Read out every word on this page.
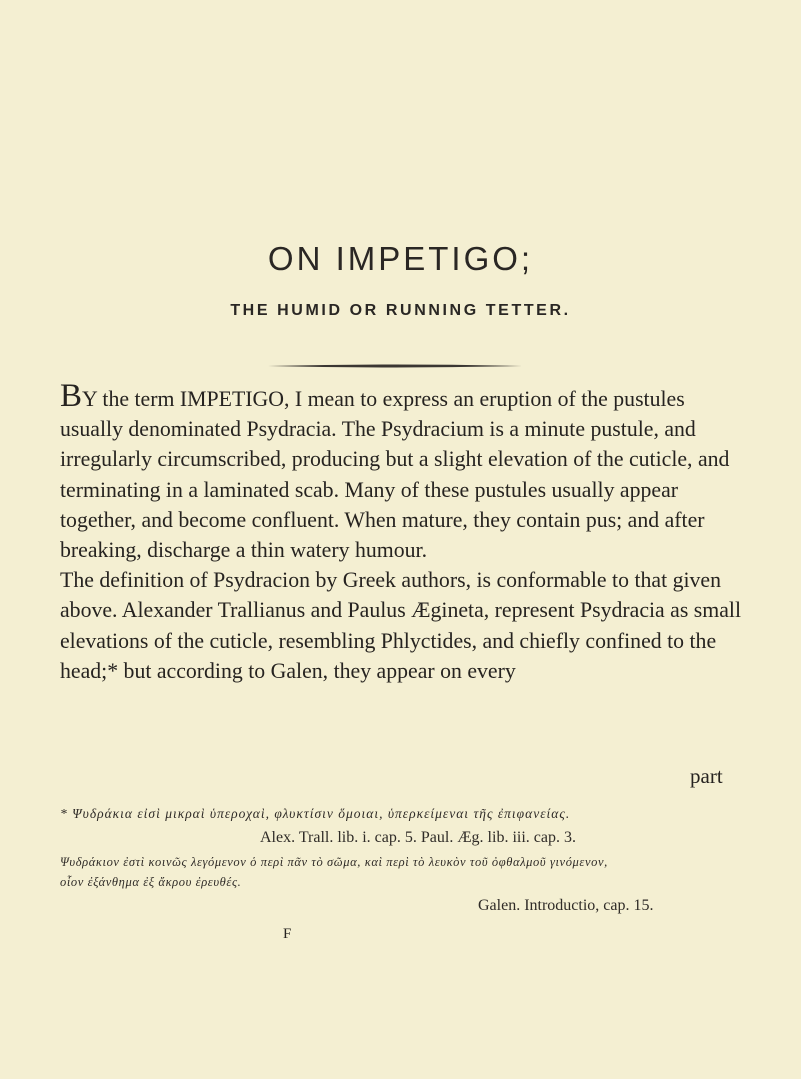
ON IMPETIGO;
THE HUMID OR RUNNING TETTER.

BY the term IMPETIGO, I mean to express an eruption of the pustules usually denominated Psydracia. The Psydracium is a minute pustule, and irregularly circumscribed, producing but a slight elevation of the cuticle, and terminating in a laminated scab. Many of these pustules usually appear together, and become confluent. When mature, they contain pus; and after breaking, discharge a thin watery humour.

The definition of Psydracion by Greek authors, is conformable to that given above. Alexander Trallianus and Paulus Ægineta, represent Psydracia as small elevations of the cuticle, resembling Phlyctides, and chiefly confined to the head;* but according to Galen, they appear on every

part
* Ψυδράκια εἰσὶ μικραὶ ὑπεροχαὶ, φλυκτίσιν ὅμοιαι, ὑπερκείμεναι τῆς ἐπιφανείας.
Alex. Trall. lib. i. cap. 5. Paul. Æg. lib. iii. cap. 3.
Ψυδράκιον ἐστὶ κοινῶς λεγόμενον ὁ περὶ πᾶν τὸ σῶμα, καὶ περὶ τὸ λευκὸν τοῦ ὀφθαλμοῦ γινόμενον,
οἷον ἐξάνθημα ἐξ ἄκρου ἐρευθές.
Galen. Introductio, cap. 15.
F
